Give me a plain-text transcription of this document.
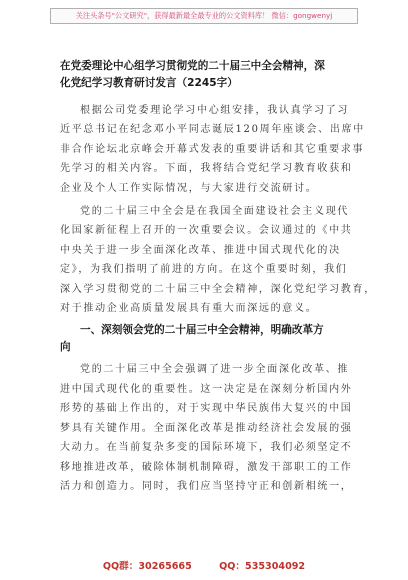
关注头条号"公文研究"，获得最新最全最专业的公文资料库！ 微信：gongwenyj
在党委理论中心组学习贯彻党的二十届三中全会精神，深
化党纪学习教育研讨发言（2245字）

根据公司党委理论学习中心组安排，我认真学习了习
近平总书记在纪念邓小平同志诞辰120周年座谈会、出席中
非合作论坛北京峰会开幕式发表的重要讲话和其它重要求事
先学习的相关内容。下面，我将结合党纪学习教育收获和
企业及个人工作实际情况，与大家进行交流研讨。

党的二十届三中全会是在我国全面建设社会主义现代
化国家新征程上召开的一次重要会议。会议通过的《中共
中央关于进一步全面深化改革、推进中国式现代化的决
定》，为我们指明了前进的方向。在这个重要时刻，我们
深入学习贯彻党的二十届三中全会精神，深化党纪学习教育，
对于推动企业高质量发展具有重大而深远的意义。

一、深刻领会党的二十届三中全会精神，明确改革方
向

党的二十届三中全会强调了进一步全面深化改革、推
进中国式现代化的重要性。这一决定是在深刻分析国内外
形势的基础上作出的，对于实现中华民族伟大复兴的中国
梦具有关键作用。全面深化改革是推动经济社会发展的强
大动力。在当前复杂多变的国际环境下，我们必须坚定不
移地推进改革，破除体制机制障碍，激发干部职工的工作
活力和创造力。同时，我们应当坚持守正和创新相统一，

QQ群：30265665	QQ：535304092
